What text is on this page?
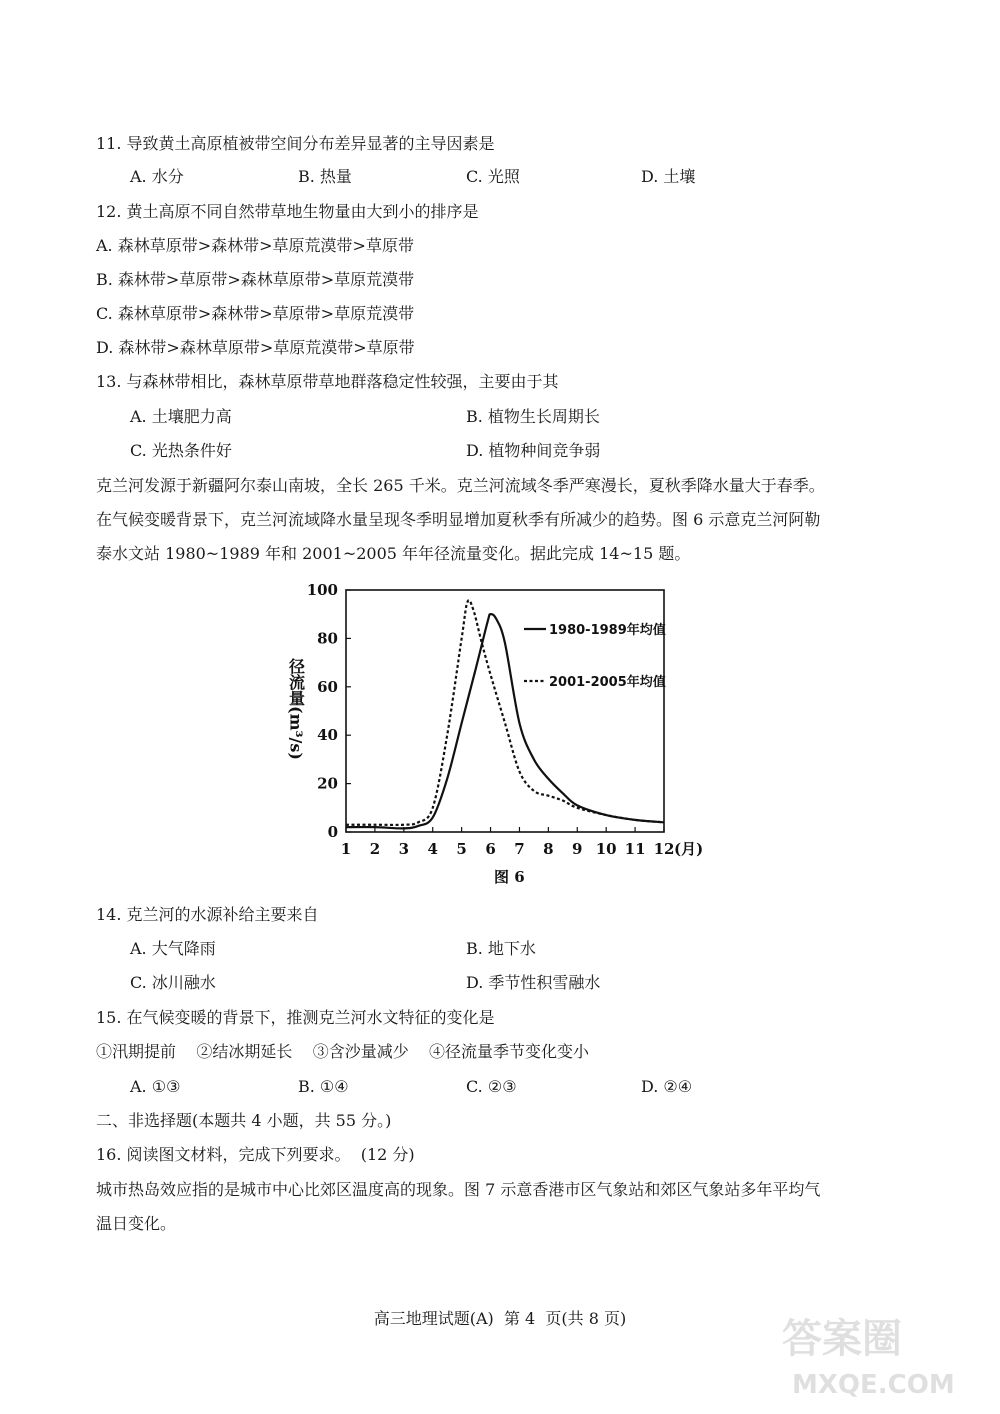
11. 导致黄土高原植被带空间分布差异显著的主导因素是
A. 水分	B. 热量	C. 光照	D. 土壤
12. 黄土高原不同自然带草地生物量由大到小的排序是
A. 森林草原带>森林带>草原荒漠带>草原带
B. 森林带>草原带>森林草原带>草原荒漠带
C. 森林草原带>森林带>草原带>草原荒漠带
D. 森林带>森林草原带>草原荒漠带>草原带
13. 与森林带相比，森林草原带草地群落稳定性较强，主要由于其
A. 土壤肥力高	B. 植物生长周期长
C. 光热条件好	D. 植物种间竞争弱
克兰河发源于新疆阿尔泰山南坡，全长 265 千米。克兰河流域冬季严寒漫长，夏秋季降水量大于春季。
在气候变暖背景下，克兰河流域降水量呈现冬季明显增加夏秋季有所减少的趋势。图 6 示意克兰河阿勒
泰水文站 1980~1989 年和 2001~2005 年年径流量变化。据此完成 14~15 题。
1 2 3 4 5 6 7 8 9 10 11 12 (月)
0
20
40
60
80
100
1980-1989年均值
2001-2005年均值
径流量(m³/s)
图 6
14. 克兰河的水源补给主要来自
A. 大气降雨	B. 地下水
C. 冰川融水	D. 季节性积雪融水
15. 在气候变暖的背景下，推测克兰河水文特征的变化是
①汛期提前    ②结冰期延长    ③含沙量减少    ④径流量季节变化变小
A. ①③	B. ①④	C. ②③	D. ②④
二、非选择题(本题共 4 小题，共 55 分。)
16. 阅读图文材料，完成下列要求。  (12 分)
城市热岛效应指的是城市中心比郊区温度高的现象。图 7 示意香港市区气象站和郊区气象站多年平均气
温日变化。
高三地理试题(A)  第 4  页(共 8 页)	答案圈
MXQE.COM
